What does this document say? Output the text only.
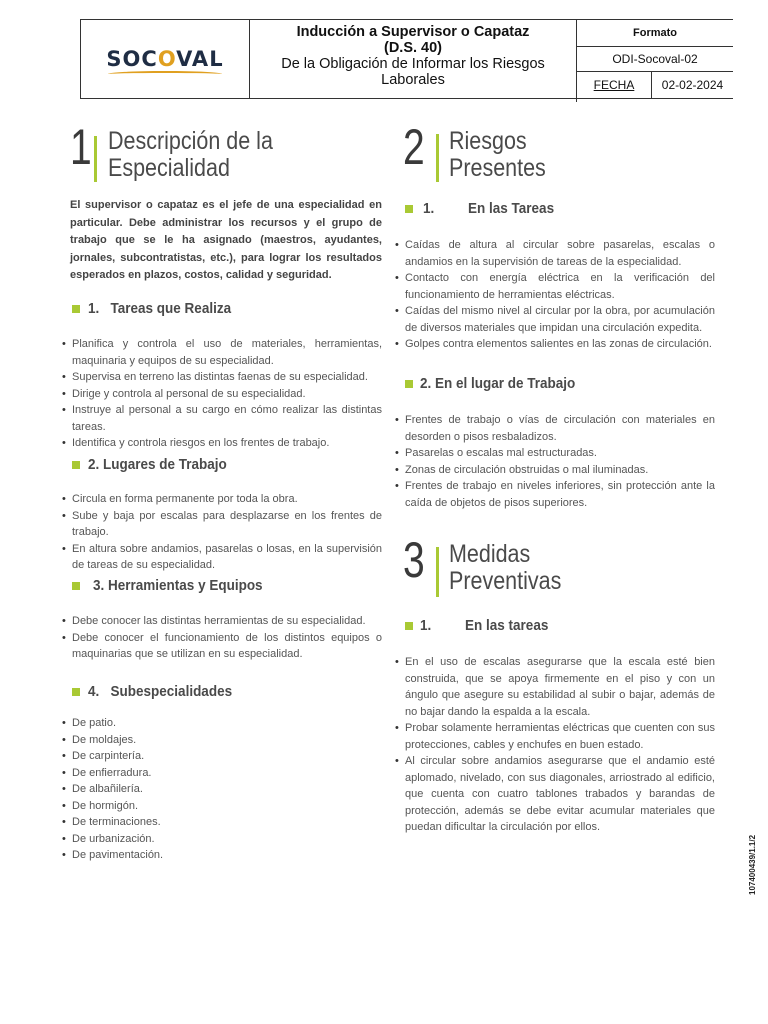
SOCOVAL
Inducción a Supervisor o Capataz
(D.S. 40)
De la Obligación de Informar los Riesgos Laborales
Formato
ODI-Socoval-02
FECHA	02-02-2024
1 Descripción de la
Especialidad
El supervisor o capataz es el jefe de una especialidad en particular. Debe administrar los recursos y el grupo de trabajo que se le ha asignado (maestros, ayudantes, jornales, subcontratistas, etc.), para lograr los resultados esperados en plazos, costos, calidad y seguridad.
1. Tareas que Realiza
• Planifica y controla el uso de materiales, herramientas, maquinaria y equipos de su especialidad.
• Supervisa en terreno las distintas faenas de su especialidad.
• Dirige y controla al personal de su especialidad.
• Instruye al personal a su cargo en cómo realizar las distintas tareas.
• Identifica y controla riesgos en los frentes de trabajo.
2. Lugares de Trabajo
• Circula en forma permanente por toda la obra.
• Sube y baja por escalas para desplazarse en los frentes de trabajo.
• En altura sobre andamios, pasarelas o losas, en la supervisión de tareas de su especialidad.
3. Herramientas y Equipos
• Debe conocer las distintas herramientas de su especialidad.
• Debe conocer el funcionamiento de los distintos equipos o maquinarias que se utilizan en su especialidad.
4. Subespecialidades
• De patio.
• De moldajes.
• De carpintería.
• De enfierradura.
• De albañilería.
• De hormigón.
• De terminaciones.
• De urbanización.
• De pavimentación.
2 Riesgos
Presentes
1. En las Tareas
• Caídas de altura al circular sobre pasarelas, escalas o andamios en la supervisión de tareas de la especialidad.
• Contacto con energía eléctrica en la verificación del funcionamiento de herramientas eléctricas.
• Caídas del mismo nivel al circular por la obra, por acumulación de diversos materiales que impidan una circulación expedita.
• Golpes contra elementos salientes en las zonas de circulación.
2. En el lugar de Trabajo
• Frentes de trabajo o vías de circulación con materiales en desorden o pisos resbaladizos.
• Pasarelas o escalas mal estructuradas.
• Zonas de circulación obstruidas o mal iluminadas.
• Frentes de trabajo en niveles inferiores, sin protección ante la caída de objetos de pisos superiores.
3 Medidas
Preventivas
1. En las tareas
• En el uso de escalas asegurarse que la escala esté bien construida, que se apoya firmemente en el piso y con un ángulo que asegure su estabilidad al subir o bajar, además de no bajar dando la espalda a la escala.
• Probar solamente herramientas eléctricas que cuenten con sus protecciones, cables y enchufes en buen estado.
• Al circular sobre andamios asegurarse que el andamio esté aplomado, nivelado, con sus diagonales, arriostrado al edificio, que cuenta con cuatro tablones trabados y barandas de protección, además se debe evitar acumular materiales que puedan dificultar la circulación por ellos.
107400439/1.1/2
